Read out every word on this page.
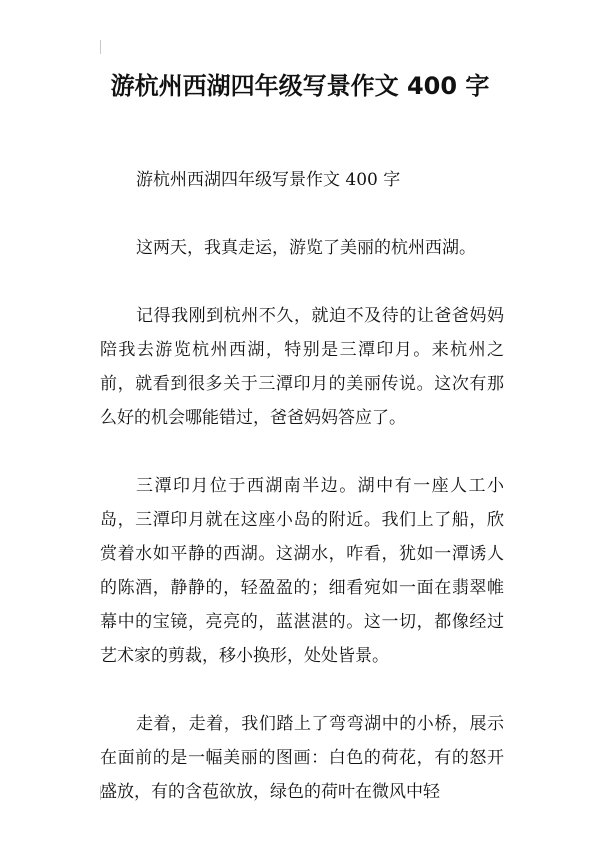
游杭州西湖四年级写景作文 400 字

游杭州西湖四年级写景作文 400 字

这两天，我真走运，游览了美丽的杭州西湖。

记得我刚到杭州不久，就迫不及待的让爸爸妈妈陪我去游览杭州西湖，特别是三潭印月。来杭州之前，就看到很多关于三潭印月的美丽传说。这次有那么好的机会哪能错过，爸爸妈妈答应了。

三潭印月位于西湖南半边。湖中有一座人工小岛，三潭印月就在这座小岛的附近。我们上了船，欣赏着水如平静的西湖。这湖水，咋看，犹如一潭诱人的陈酒，静静的，轻盈盈的；细看宛如一面在翡翠帷幕中的宝镜，亮亮的，蓝湛湛的。这一切，都像经过艺术家的剪裁，移小换形，处处皆景。

走着，走着，我们踏上了弯弯湖中的小桥，展示在面前的是一幅美丽的图画：白色的荷花，有的怒开盛放，有的含苞欲放，绿色的荷叶在微风中轻
